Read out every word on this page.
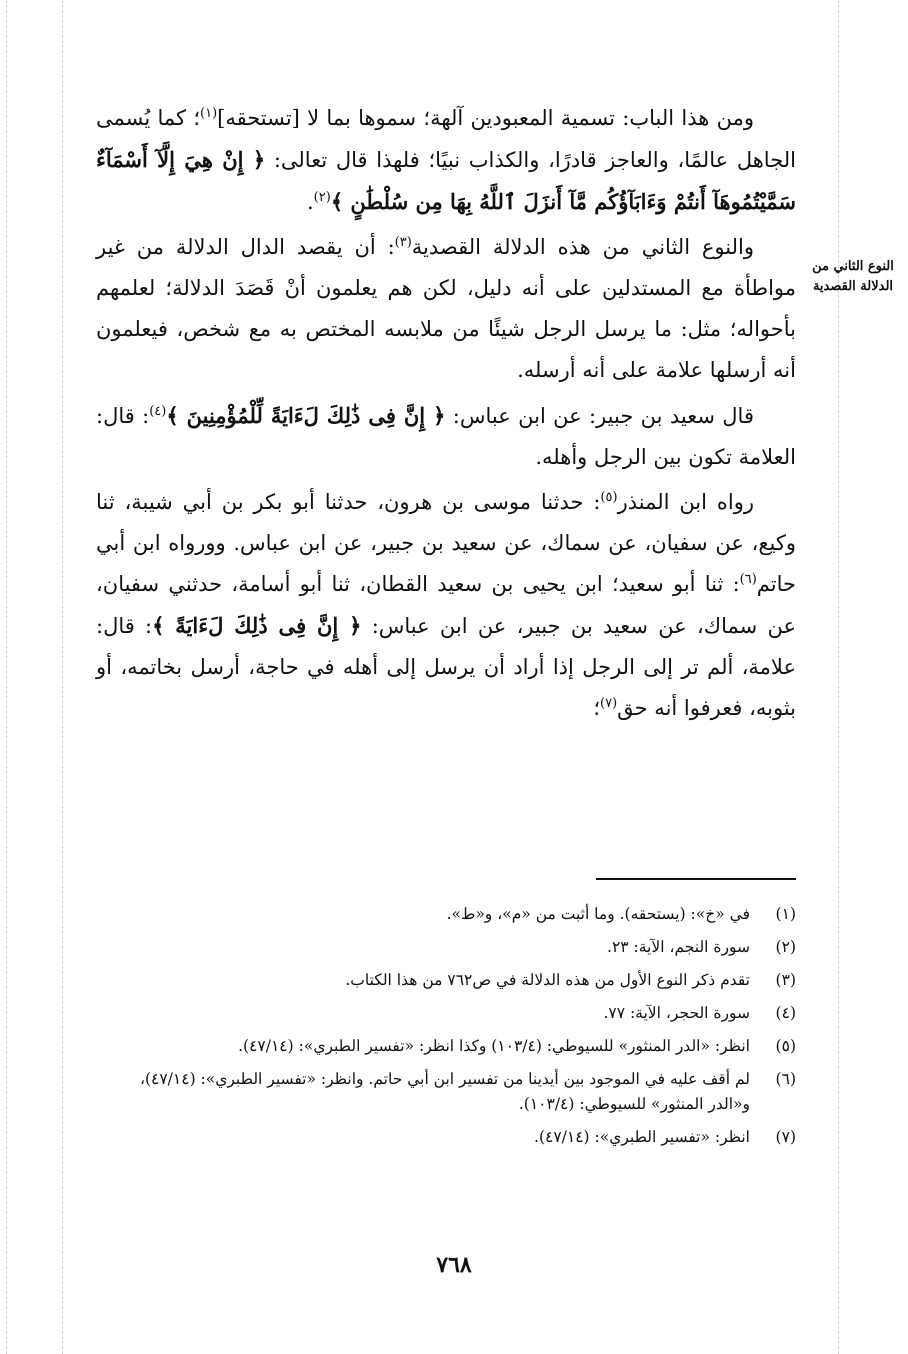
النوع الثاني من الدلالة القصدية

ومن هذا الباب: تسمية المعبودين آلهة؛ سموها بما لا [تستحقه]$^{(١)}$؛ كما يُسمى الجاهل عالمًا، والعاجز قادرًا، والكذاب نبيًا؛ فلهذا قال تعالى: ﴿ إِنْ هِيَ إِلَّآ أَسْمَآءٌ سَمَّيْتُمُوهَآ أَنتُمْ وَءَابَآؤُكُم مَّآ أَنزَلَ ٱللَّهُ بِهَا مِن سُلْطَٰنٍ ﴾$^{(٢)}$.

والنوع الثاني من هذه الدلالة القصدية$^{(٣)}$: أن يقصد الدال الدلالة من غير مواطأة مع المستدلين على أنه دليل، لكن هم يعلمون أنْ قَصَدَ الدلالة؛ لعلمهم بأحواله؛ مثل: ما يرسل الرجل شيئًا من ملابسه المختص به مع شخص، فيعلمون أنه أرسلها علامة على أنه أرسله.

قال سعيد بن جبير: عن ابن عباس: ﴿ إِنَّ فِى ذَٰلِكَ لَءَايَةً لِّلْمُؤْمِنِينَ ﴾$^{(٤)}$: قال: العلامة تكون بين الرجل وأهله.

رواه ابن المنذر$^{(٥)}$: حدثنا موسى بن هرون، حدثنا أبو بكر بن أبي شيبة، ثنا وكيع، عن سفيان، عن سماك، عن سعيد بن جبير، عن ابن عباس. وورواه ابن أبي حاتم$^{(٦)}$: ثنا أبو سعيد؛ ابن يحيى بن سعيد القطان، ثنا أبو أسامة، حدثني سفيان، عن سماك، عن سعيد بن جبير، عن ابن عباس: ﴿ إِنَّ فِى ذَٰلِكَ لَءَايَةً ﴾: قال: علامة، ألم تر إلى الرجل إذا أراد أن يرسل إلى أهله في حاجة، أرسل بخاتمه، أو بثوبه، فعرفوا أنه حق$^{(٧)}$؛

(١)
في «خ»: (يستحقه). وما أثبت من «م»، و«ط».
(٢)
سورة النجم، الآية: ٢٣.
(٣)
تقدم ذكر النوع الأول من هذه الدلالة في ص٧٦٢ من هذا الكتاب.
(٤)
سورة الحجر، الآية: ٧٧.
(٥)
انظر: «الدر المنثور» للسيوطي: (١٠٣/٤) وكذا انظر: «تفسير الطبري»: (٤٧/١٤).
(٦)
لم أقف عليه في الموجود بين أيدينا من تفسير ابن أبي حاتم. وانظر: «تفسير الطبري»: (٤٧/١٤)، و«الدر المنثور» للسيوطي: (١٠٣/٤).
(٧)
انظر: «تفسير الطبري»: (٤٧/١٤).
٧٦٨
